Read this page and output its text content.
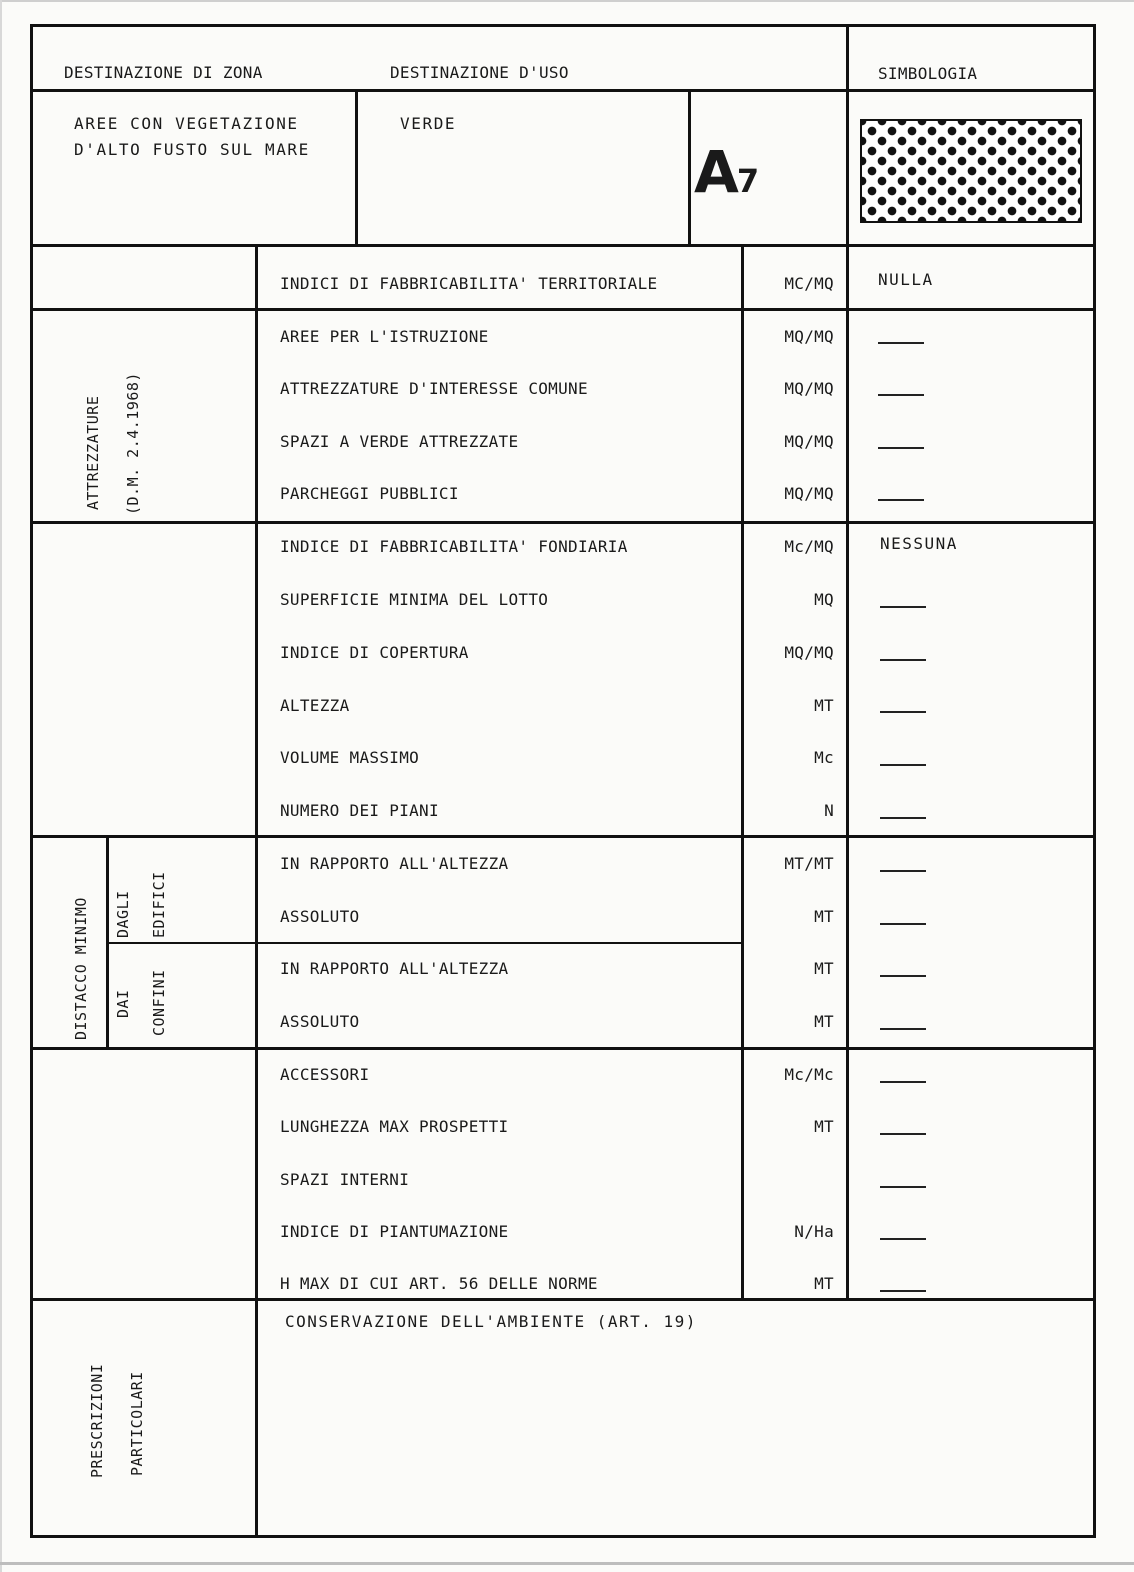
DESTINAZIONE DI ZONA	DESTINAZIONE D'USO	SIMBOLOGIA
AREE CON VEGETAZIONE
D'ALTO FUSTO SUL MARE
VERDE
A7
INDICI DI FABBRICABILITA' TERRITORIALE	MC/MQ	NULLA
ATTREZZATURE (D.M. 2.4.1968)
AREE PER L'ISTRUZIONE	MQ/MQ
ATTREZZATURE D'INTERESSE COMUNE	MQ/MQ
SPAZI A VERDE ATTREZZATE	MQ/MQ
PARCHEGGI PUBBLICI	MQ/MQ
INDICE DI FABBRICABILITA' FONDIARIA	Mc/MQ	NESSUNA
SUPERFICIE MINIMA DEL LOTTO	MQ
INDICE DI COPERTURA	MQ/MQ
ALTEZZA	MT
VOLUME MASSIMO	Mc
NUMERO DEI PIANI	N
DISTACCO MINIMO DAGLI EDIFICI
DAI CONFINI
IN RAPPORTO ALL'ALTEZZA	MT/MT
ASSOLUTO	MT
IN RAPPORTO ALL'ALTEZZA	MT
ASSOLUTO	MT
ACCESSORI	Mc/Mc
LUNGHEZZA MAX PROSPETTI	MT
SPAZI INTERNI
INDICE DI PIANTUMAZIONE	N/Ha
H MAX DI CUI ART. 56 DELLE NORME	MT
PRESCRIZIONI PARTICOLARI
CONSERVAZIONE DELL'AMBIENTE (ART. 19)
